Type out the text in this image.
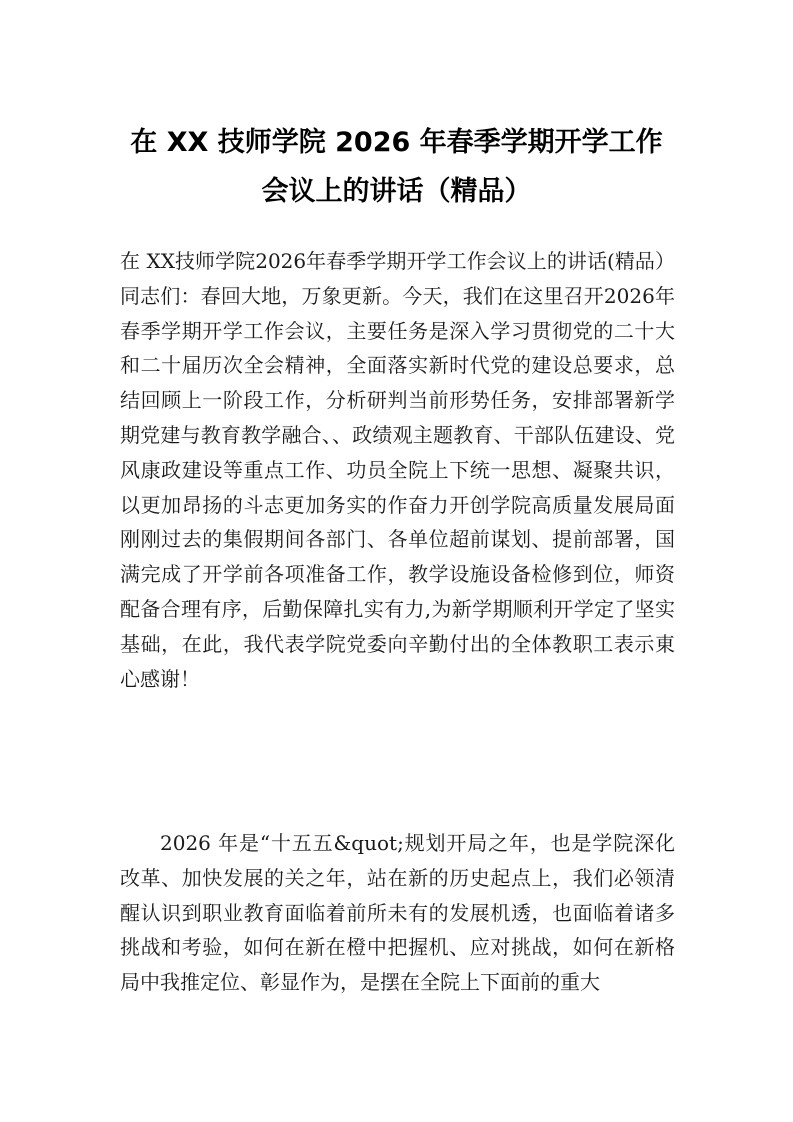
在 XX 技师学院 2026 年春季学期开学工作
会议上的讲话（精品）

在 XX技师学院2026年春季学期开学工作会议上的讲话(精品）同志们：春回大地，万象更新。今天，我们在这里召开2026年春季学期开学工作会议，主要任务是深入学习贯彻党的二十大和二十届历次全会精神，全面落实新时代党的建设总要求，总结回顾上一阶段工作，分析研判当前形势任务，安排部署新学期党建与教育教学融合、、政绩观主题教育、干部队伍建设、党风康政建设等重点工作、功员全院上下统一思想、凝聚共识，以更加昂扬的斗志更加务实的作奋力开创学院高质量发展局面刚刚过去的集假期间各部门、各单位超前谋划、提前部署，国满完成了开学前各项准备工作，教学设施设备检修到位，师资配备合理有序，后勤保障扎实有力,为新学期顺利开学定了坚实基础，在此，我代表学院党委向辛勤付出的全体教职工表示東心感谢！

2026 年是“十五五&quot;规划开局之年，也是学院深化改革、加快发展的关之年，站在新的历史起点上，我们必领清醒认识到职业教育面临着前所未有的发展机透，也面临着诸多挑战和考验，如何在新在橙中把握机、应对挑战，如何在新格局中我推定位、彰显作为，是摆在全院上下面前的重大
